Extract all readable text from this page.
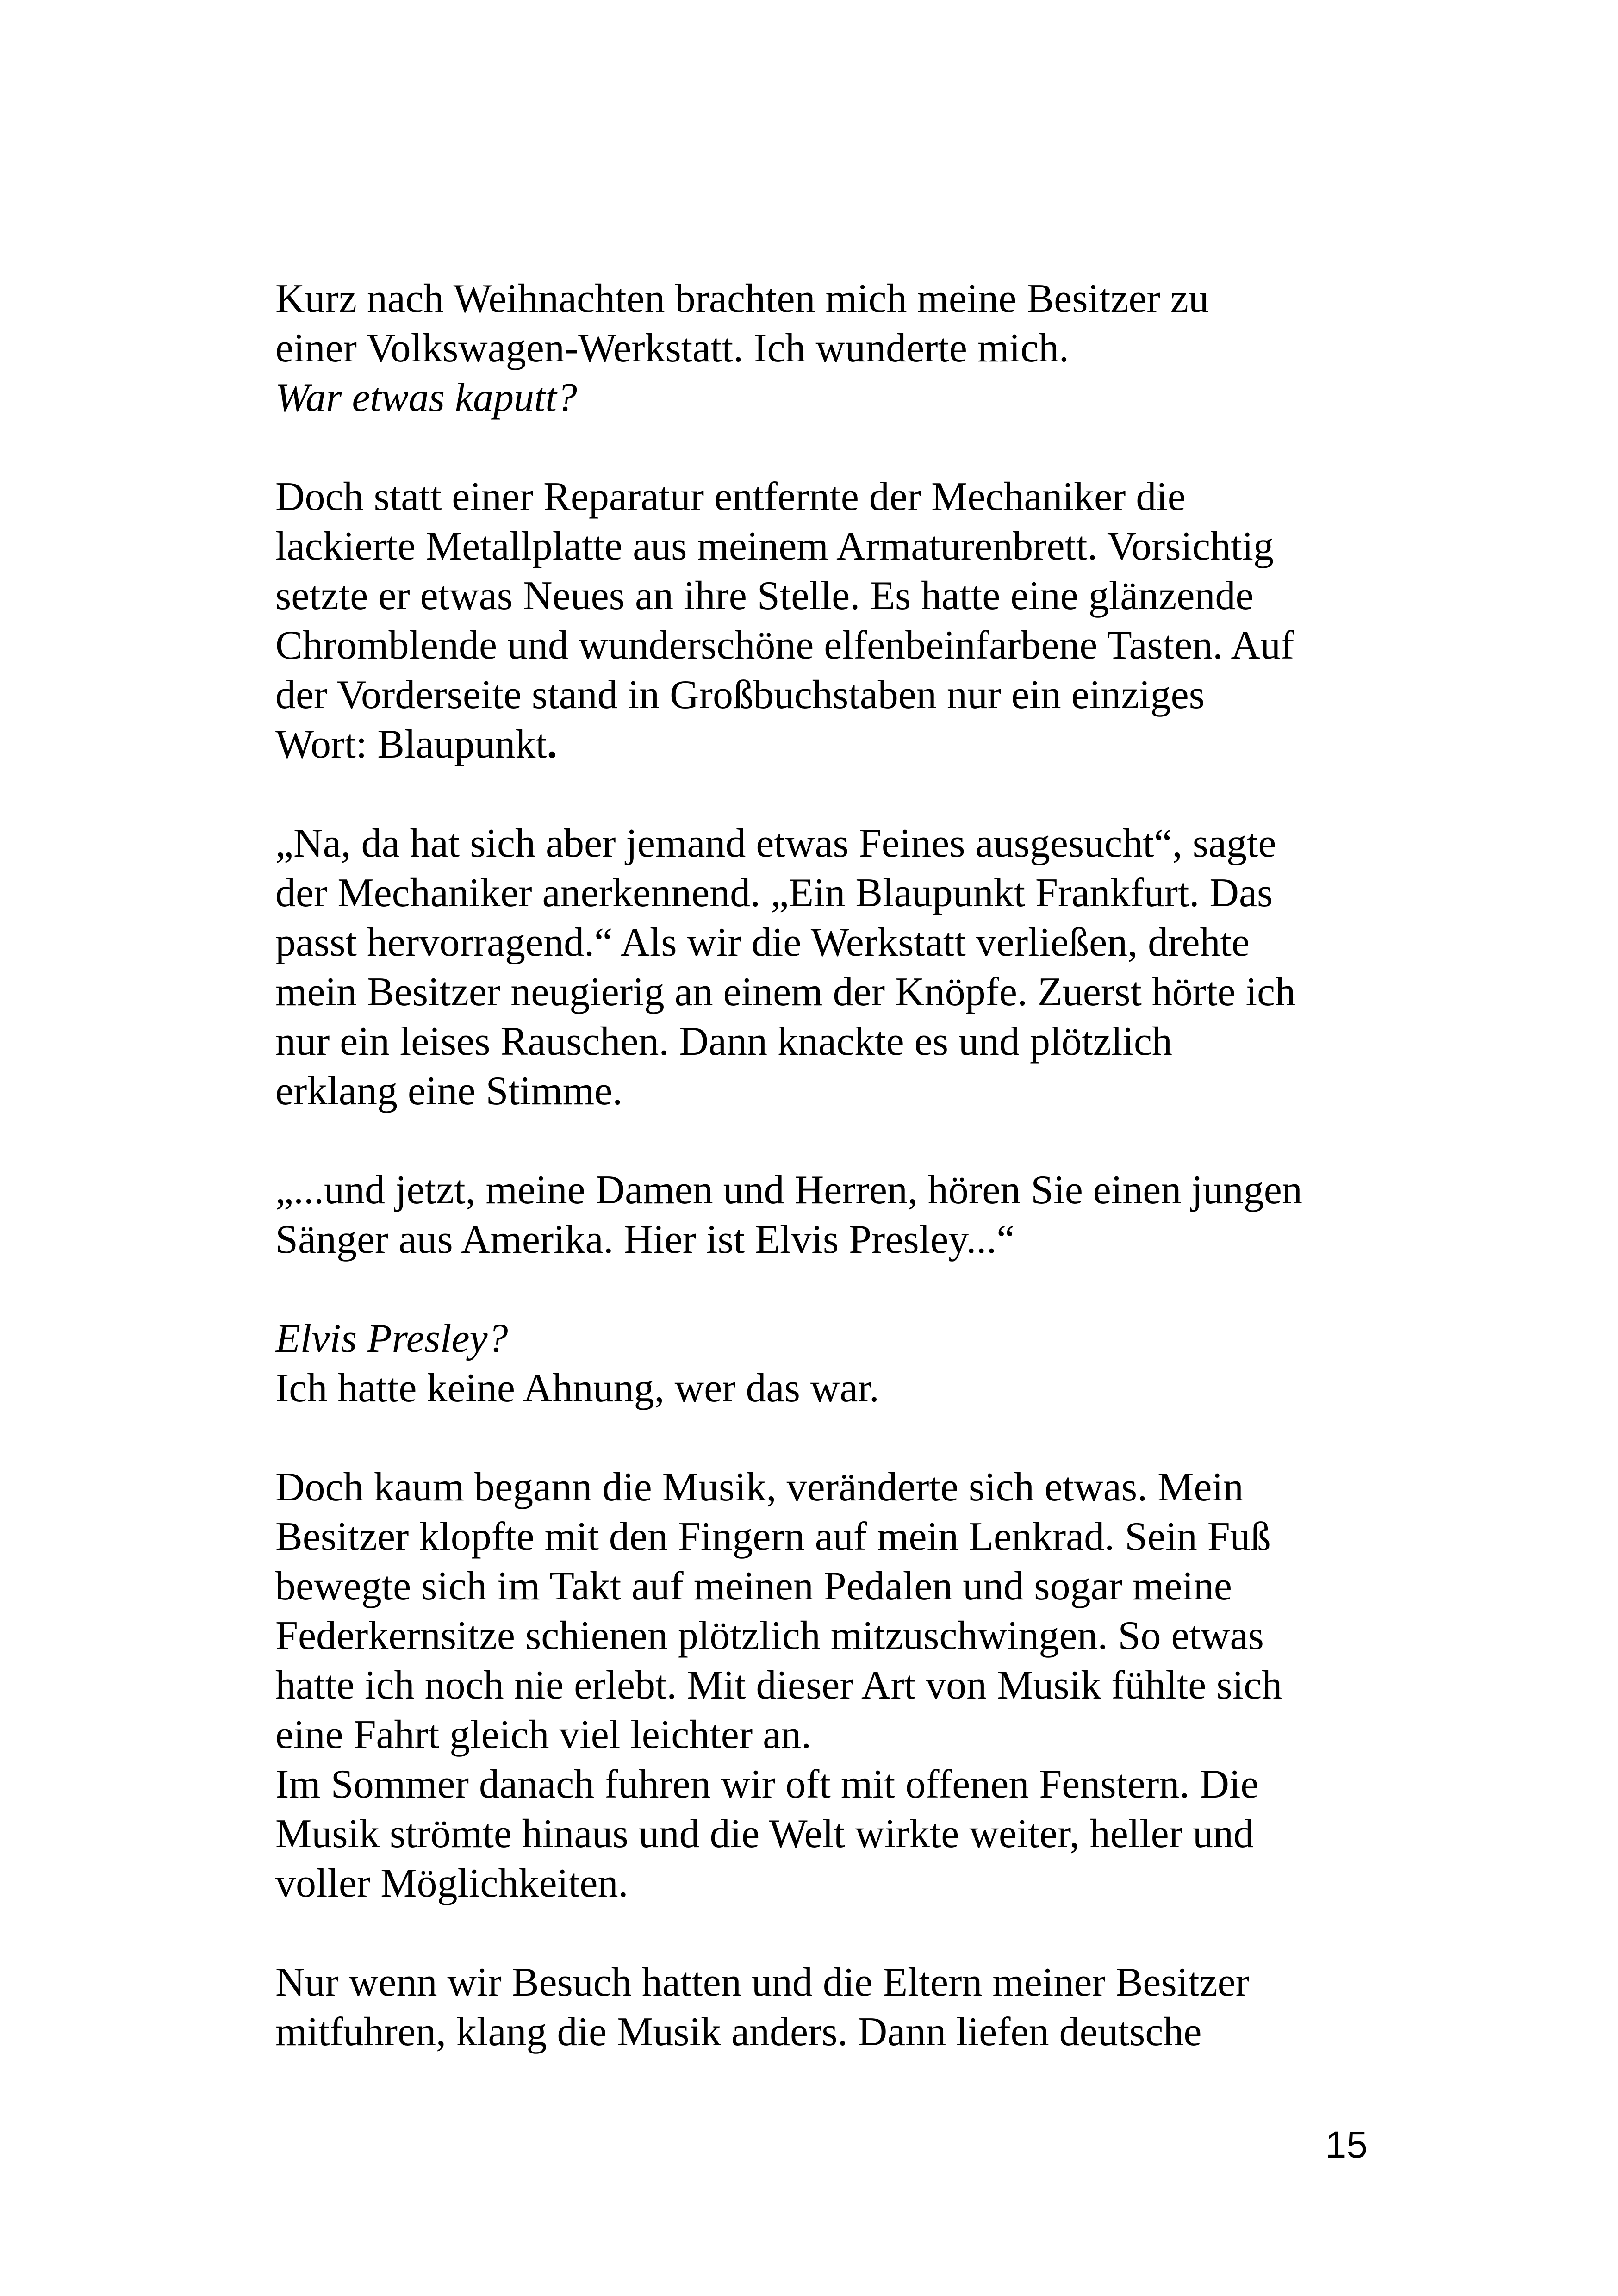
Kurz nach Weihnachten brachten mich meine Besitzer zu
einer Volkswagen-Werkstatt. Ich wunderte mich.
War etwas kaputt?

Doch statt einer Reparatur entfernte der Mechaniker die
lackierte Metallplatte aus meinem Armaturenbrett. Vorsichtig
setzte er etwas Neues an ihre Stelle. Es hatte eine glänzende
Chromblende und wunderschöne elfenbeinfarbene Tasten. Auf
der Vorderseite stand in Großbuchstaben nur ein einziges
Wort: Blaupunkt.

„Na, da hat sich aber jemand etwas Feines ausgesucht“, sagte
der Mechaniker anerkennend. „Ein Blaupunkt Frankfurt. Das
passt hervorragend.“ Als wir die Werkstatt verließen, drehte
mein Besitzer neugierig an einem der Knöpfe. Zuerst hörte ich
nur ein leises Rauschen. Dann knackte es und plötzlich
erklang eine Stimme.

„...und jetzt, meine Damen und Herren, hören Sie einen jungen
Sänger aus Amerika. Hier ist Elvis Presley...“

Elvis Presley?
Ich hatte keine Ahnung, wer das war.

Doch kaum begann die Musik, veränderte sich etwas. Mein
Besitzer klopfte mit den Fingern auf mein Lenkrad. Sein Fuß
bewegte sich im Takt auf meinen Pedalen und sogar meine
Federkernsitze schienen plötzlich mitzuschwingen. So etwas
hatte ich noch nie erlebt. Mit dieser Art von Musik fühlte sich
eine Fahrt gleich viel leichter an.
Im Sommer danach fuhren wir oft mit offenen Fenstern. Die
Musik strömte hinaus und die Welt wirkte weiter, heller und
voller Möglichkeiten.

Nur wenn wir Besuch hatten und die Eltern meiner Besitzer
mitfuhren, klang die Musik anders. Dann liefen deutsche

15
